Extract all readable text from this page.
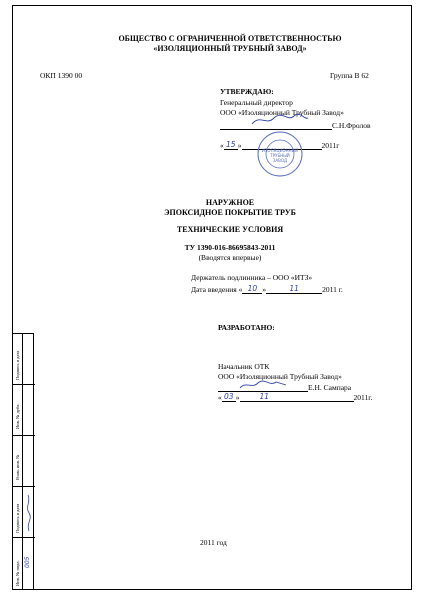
ОБЩЕСТВО С ОГРАНИЧЕННОЙ ОТВЕТСТВЕННОСТЬЮ
«ИЗОЛЯЦИОННЫЙ ТРУБНЫЙ ЗАВОД»
ОКП 1390 00	Группа В 62
УТВЕРЖДАЮ:
Генеральный директор
ООО «Изоляционный Трубный Завод»
С.Н.Фролов
« 15 »	2011г
ИЗОЛЯЦИОННЫЙ
ТРУБНЫЙ
ЗАВОД
НАРУЖНОЕ
ЭПОКСИДНОЕ ПОКРЫТИЕ ТРУБ
ТЕХНИЧЕСКИЕ УСЛОВИЯ
ТУ 1390-016-86695843-2011
(Вводятся впервые)
Держатель подлинника – ООО «ИТЗ»
Дата введения « 10 »	11	2011 г.
РАЗРАБОТАНО:
Начальник ОТК
ООО «Изоляционный Трубный Завод»
Е.Н. Сампара
« 03 »	11	2011г.
2011 год
Подпись и дата
Инв. № дубл.
Взам. инв. №
Подпись и дата
Инв. № подл. 005
